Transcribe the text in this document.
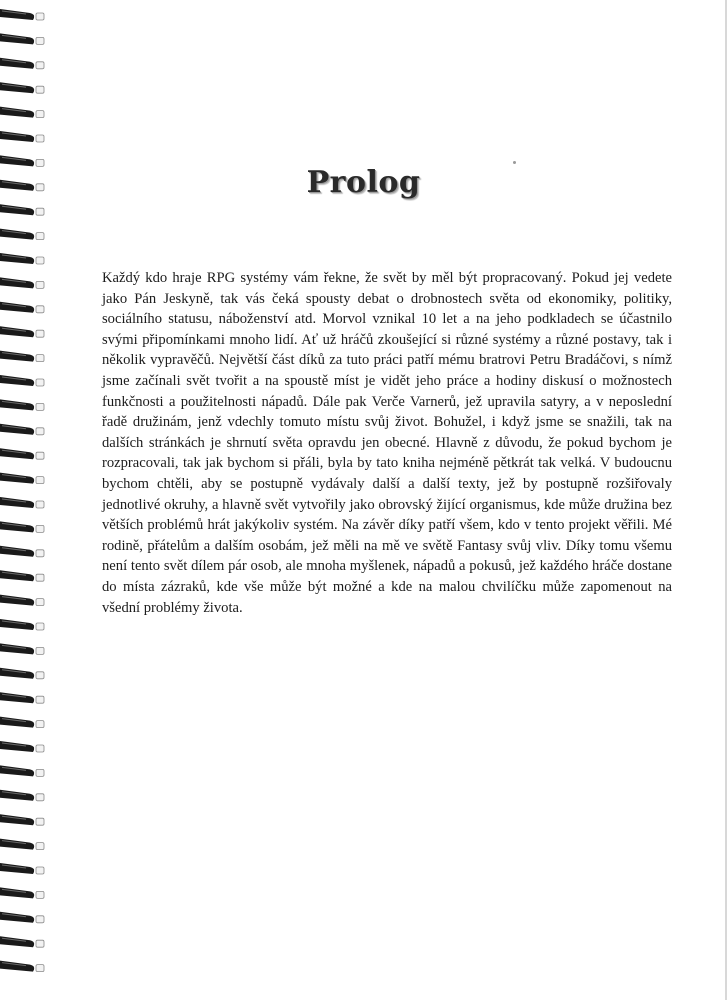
Prolog

Každý kdo hraje RPG systémy vám řekne, že svět by měl být propracovaný. Pokud jej vedete jako Pán Jeskyně, tak vás čeká spousty debat o drobnostech světa od ekonomiky, politiky, sociálního statusu, náboženství atd. Morvol vznikal 10 let a na jeho podkladech se účastnilo svými připomínkami mnoho lidí. Ať už hráčů zkoušející si různé systémy a různé postavy, tak i několik vypravěčů. Největší část díků za tuto práci patří mému bratrovi Petru Bradáčovi, s nímž jsme začínali svět tvořit a na spoustě míst je vidět jeho práce a hodiny diskusí o možnostech funkčnosti a použitelnosti nápadů. Dále pak Verče Varnerů, jež upravila satyry, a v neposlední řadě družinám, jenž vdechly tomuto místu svůj život. Bohužel, i když jsme se snažili, tak na dalších stránkách je shrnutí světa opravdu jen obecné. Hlavně z důvodu, že pokud bychom je rozpracovali, tak jak bychom si přáli, byla by tato kniha nejméně pětkrát tak velká. V budoucnu bychom chtěli, aby se postupně vydávaly další a další texty, jež by postupně rozšiřovaly jednotlivé okruhy, a hlavně svět vytvořily jako obrovský žijící organismus, kde může družina bez větších problémů hrát jakýkoliv systém. Na závěr díky patří všem, kdo v tento projekt věřili. Mé rodině, přátelům a dalším osobám, jež měli na mě ve světě Fantasy svůj vliv. Díky tomu všemu není tento svět dílem pár osob, ale mnoha myšlenek, nápadů a pokusů, jež každého hráče dostane do místa zázraků, kde vše může být možné a kde na malou chvilíčku může zapomenout na všední problémy života.
